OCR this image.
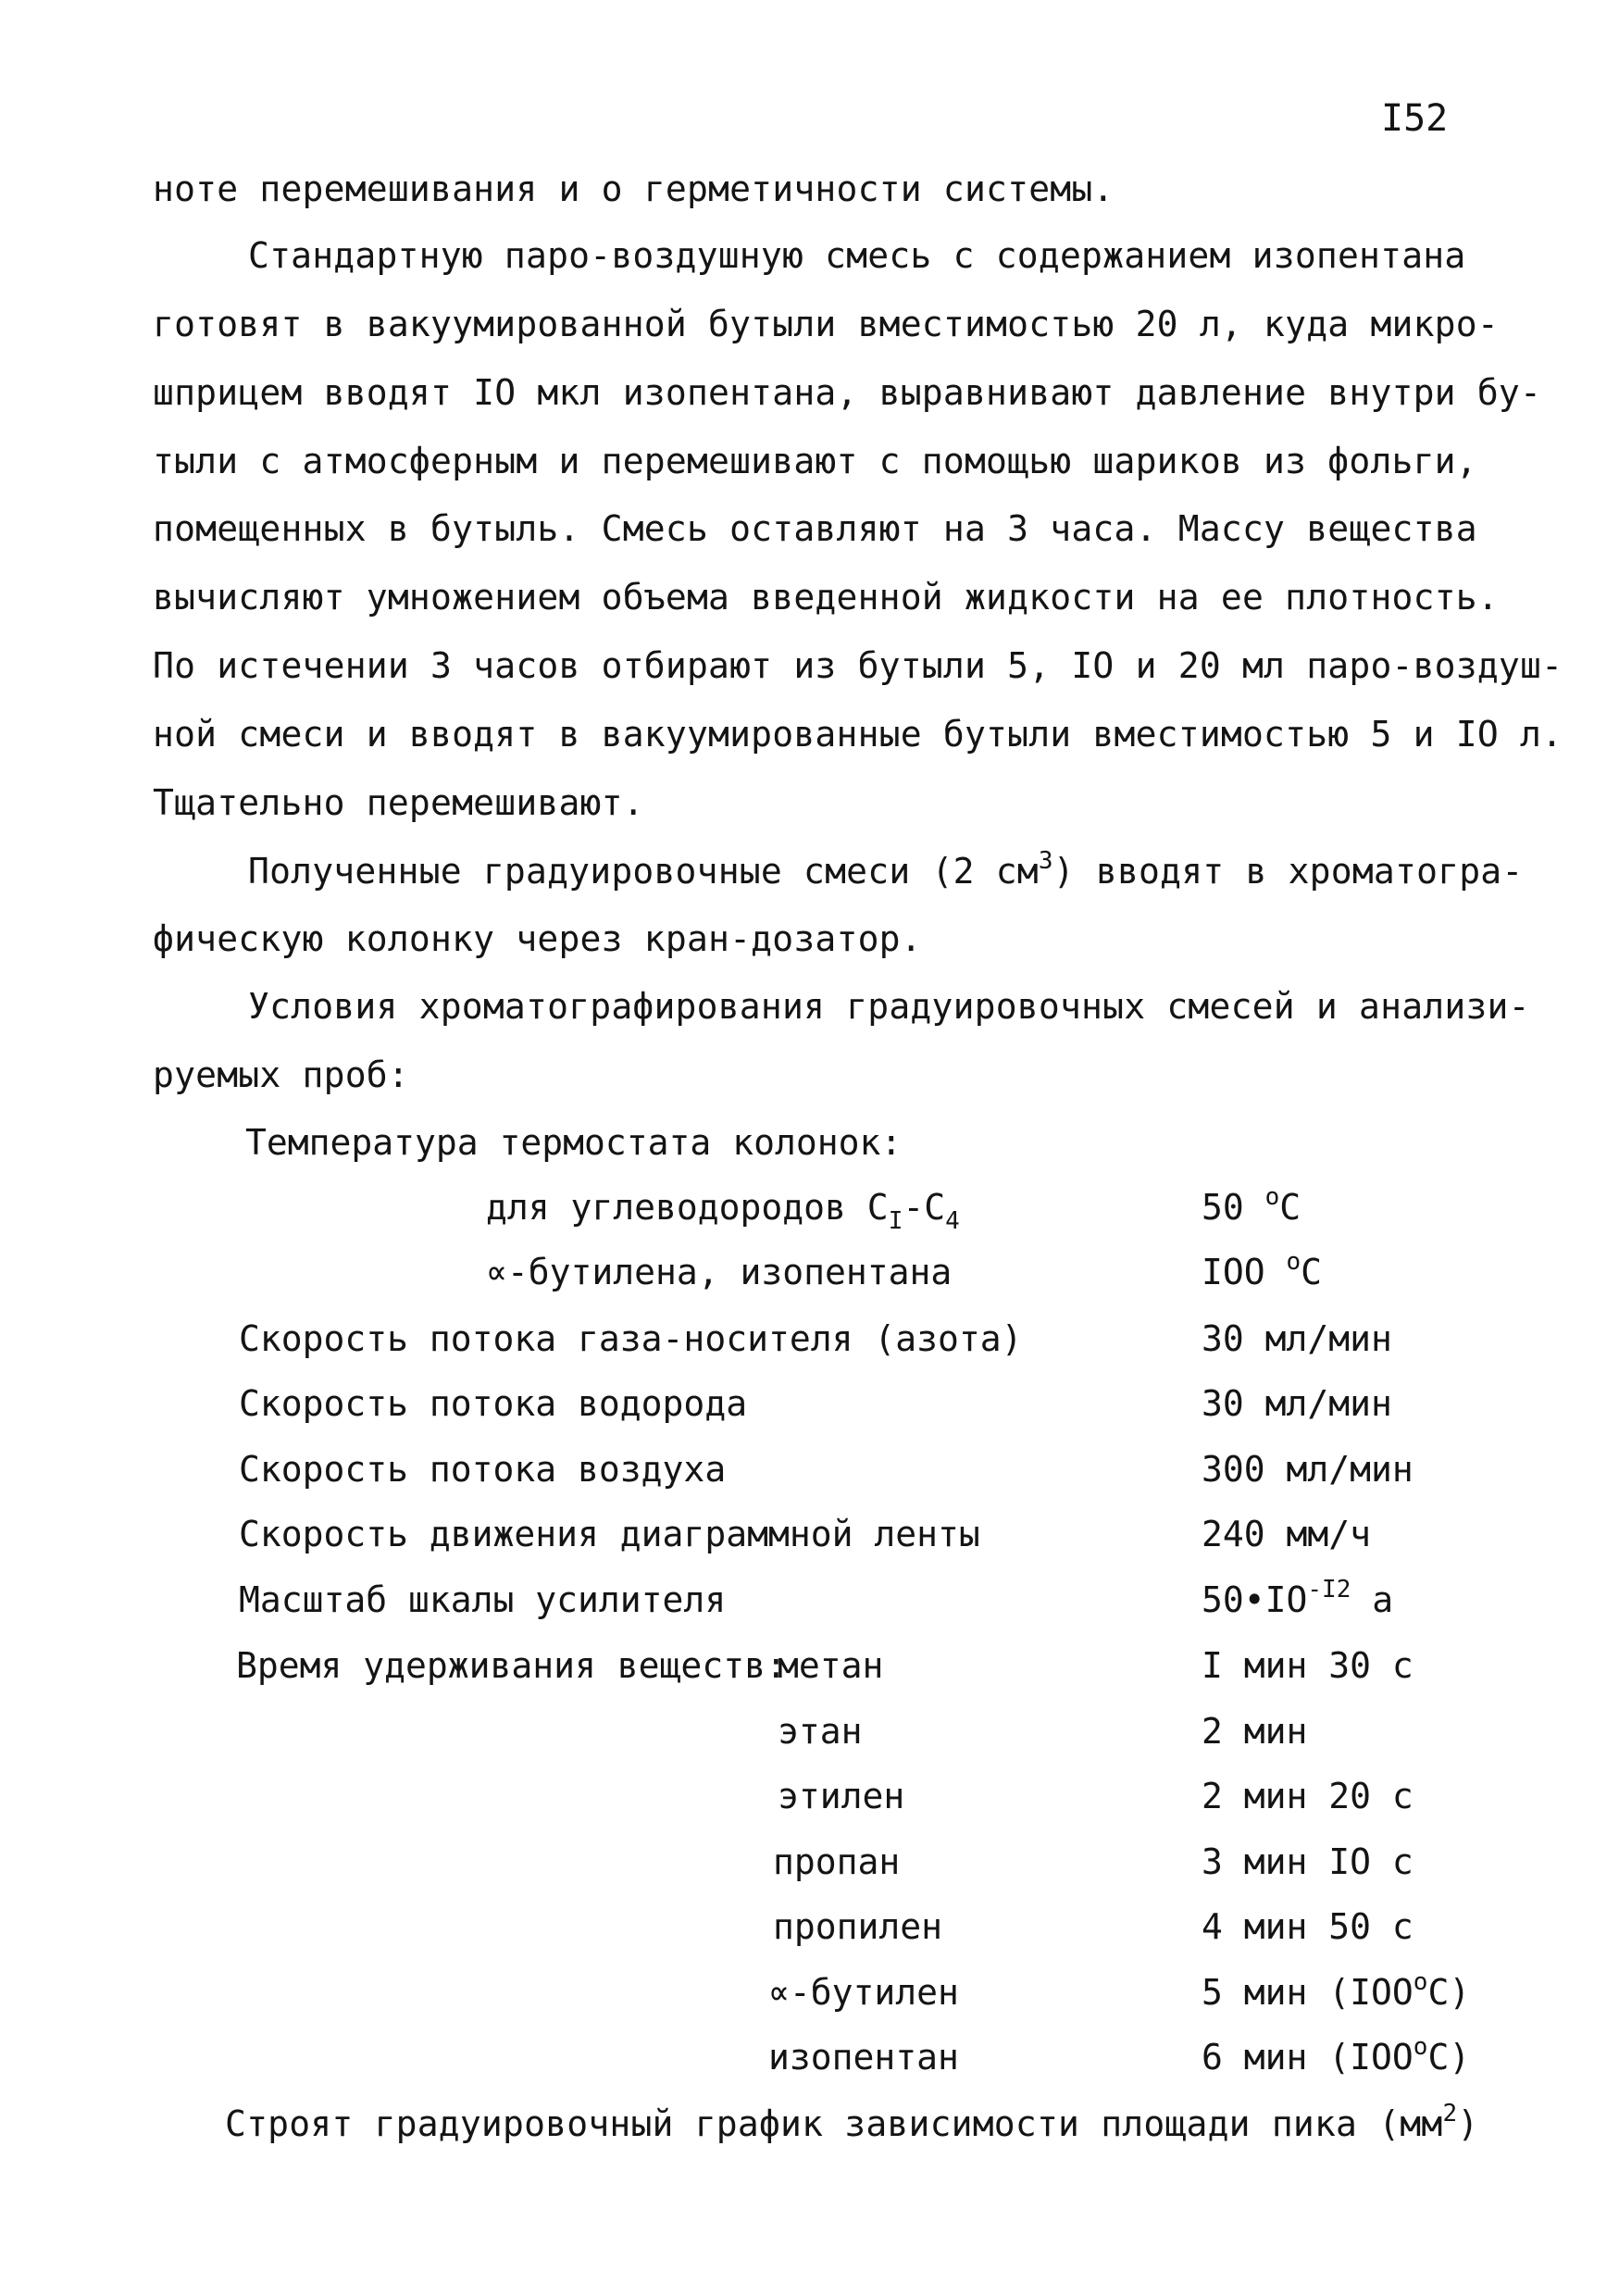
I52
ноте перемешивания и о герметичности системы.
Стандартную паро-воздушную смесь с содержанием изопентана
готовят в вакуумированной бутыли вместимостью 20 л, куда микро-
шприцем вводят IO мкл изопентана, выравнивают давление внутри бу-
тыли с атмосферным и перемешивают с помощью шариков из фольги,
помещенных в бутыль. Смесь оставляют на 3 часа. Массу вещества
вычисляют умножением объема введенной жидкости на ее плотность.
По истечении 3 часов отбирают из бутыли 5, IO и 20 мл паро-воздуш-
ной смеси и вводят в вакуумированные бутыли вместимостью 5 и IO л.
Тщательно перемешивают.
Полученные градуировочные смеси (2 $см^3$) вводят в хроматогра-
фическую колонку через кран-дозатор.
Условия хроматографирования градуировочных смесей и анализи-
руемых проб:
Температура термостата колонок:
для углеводородов $С_I-С_4$	50 $^o$С
∝-бутилена, изопентана	IOO $^o$С
Скорость потока газа-носителя (азота)	30 мл/мин
Скорость потока водорода	30 мл/мин
Скорость потока воздуха	300 мл/мин
Скорость движения диаграммной ленты	240 мм/ч
Масштаб шкалы усилителя	$50•IO^{-I2}$ а
Время удерживания веществ:
метан	I мин 30 с
этан	2 мин
этилен	2 мин 20 с
пропан	3 мин IO с
пропилен	4 мин 50 с
∝-бутилен	5 мин (IOO$^o$С)
изопентан	6 мин (IOO$^o$С)
Строят градуировочный график зависимости площади пика $(мм^2)$
